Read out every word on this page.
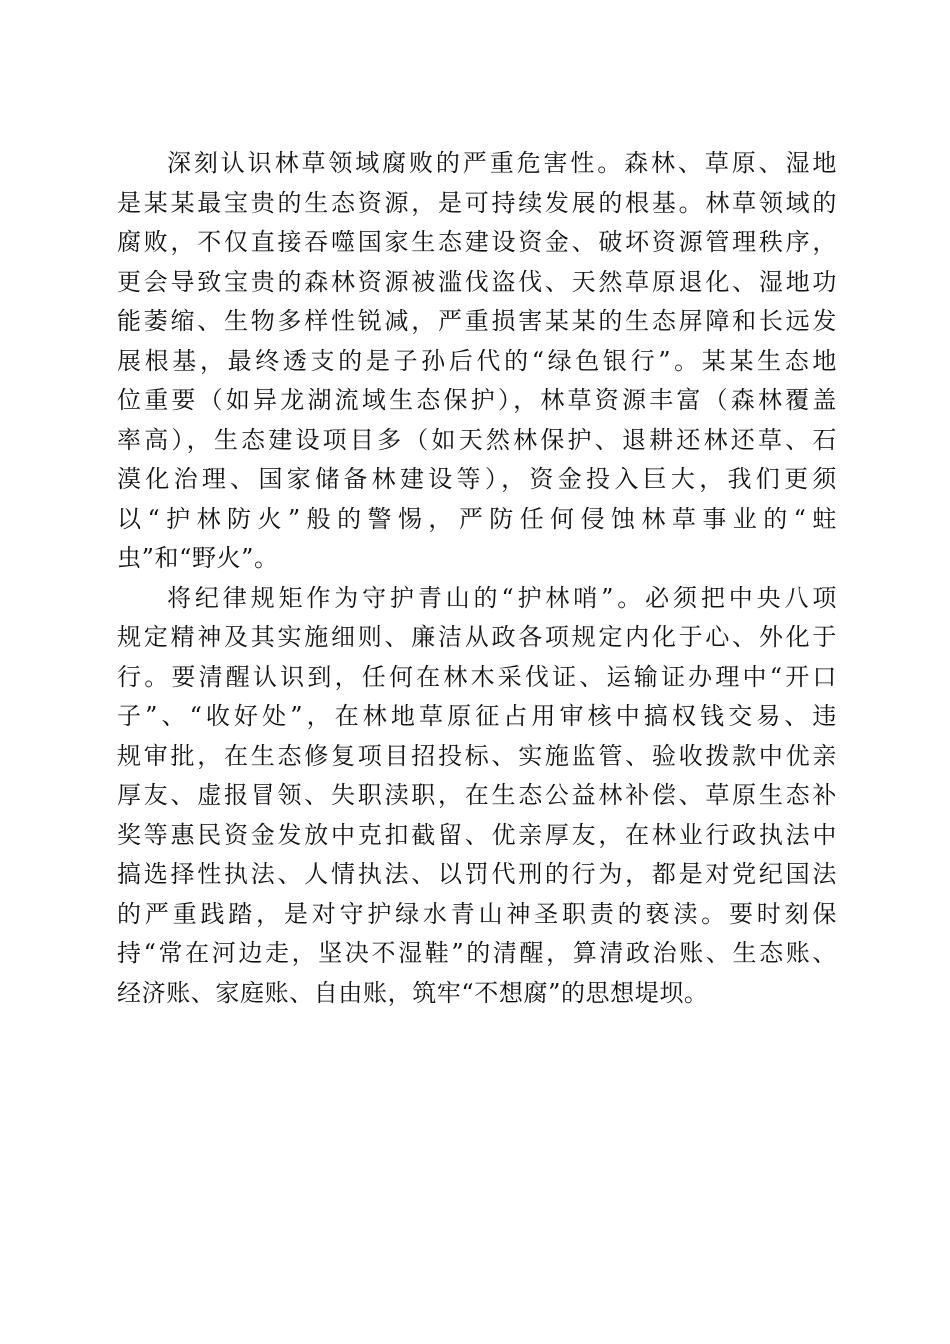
深刻认识林草领域腐败的严重危害性。森林、草原、湿地
是某某最宝贵的生态资源，是可持续发展的根基。林草领域的
腐败，不仅直接吞噬国家生态建设资金、破坏资源管理秩序，
更会导致宝贵的森林资源被滥伐盗伐、天然草原退化、湿地功
能萎缩、生物多样性锐减，严重损害某某的生态屏障和长远发
展根基，最终透支的是子孙后代的“绿色银行”。某某生态地
位重要（如异龙湖流域生态保护），林草资源丰富（森林覆盖
率高），生态建设项目多（如天然林保护、退耕还林还草、石
漠化治理、国家储备林建设等），资金投入巨大，我们更须
以“护林防火”般的警惕，严防任何侵蚀林草事业的“蛀
虫”和“野火”。
将纪律规矩作为守护青山的“护林哨”。必须把中央八项
规定精神及其实施细则、廉洁从政各项规定内化于心、外化于
行。要清醒认识到，任何在林木采伐证、运输证办理中“开口
子”、“收好处”，在林地草原征占用审核中搞权钱交易、违
规审批，在生态修复项目招投标、实施监管、验收拨款中优亲
厚友、虚报冒领、失职渎职，在生态公益林补偿、草原生态补
奖等惠民资金发放中克扣截留、优亲厚友，在林业行政执法中
搞选择性执法、人情执法、以罚代刑的行为，都是对党纪国法
的严重践踏，是对守护绿水青山神圣职责的亵渎。要时刻保
持“常在河边走，坚决不湿鞋”的清醒，算清政治账、生态账、
经济账、家庭账、自由账，筑牢“不想腐”的思想堤坝。
